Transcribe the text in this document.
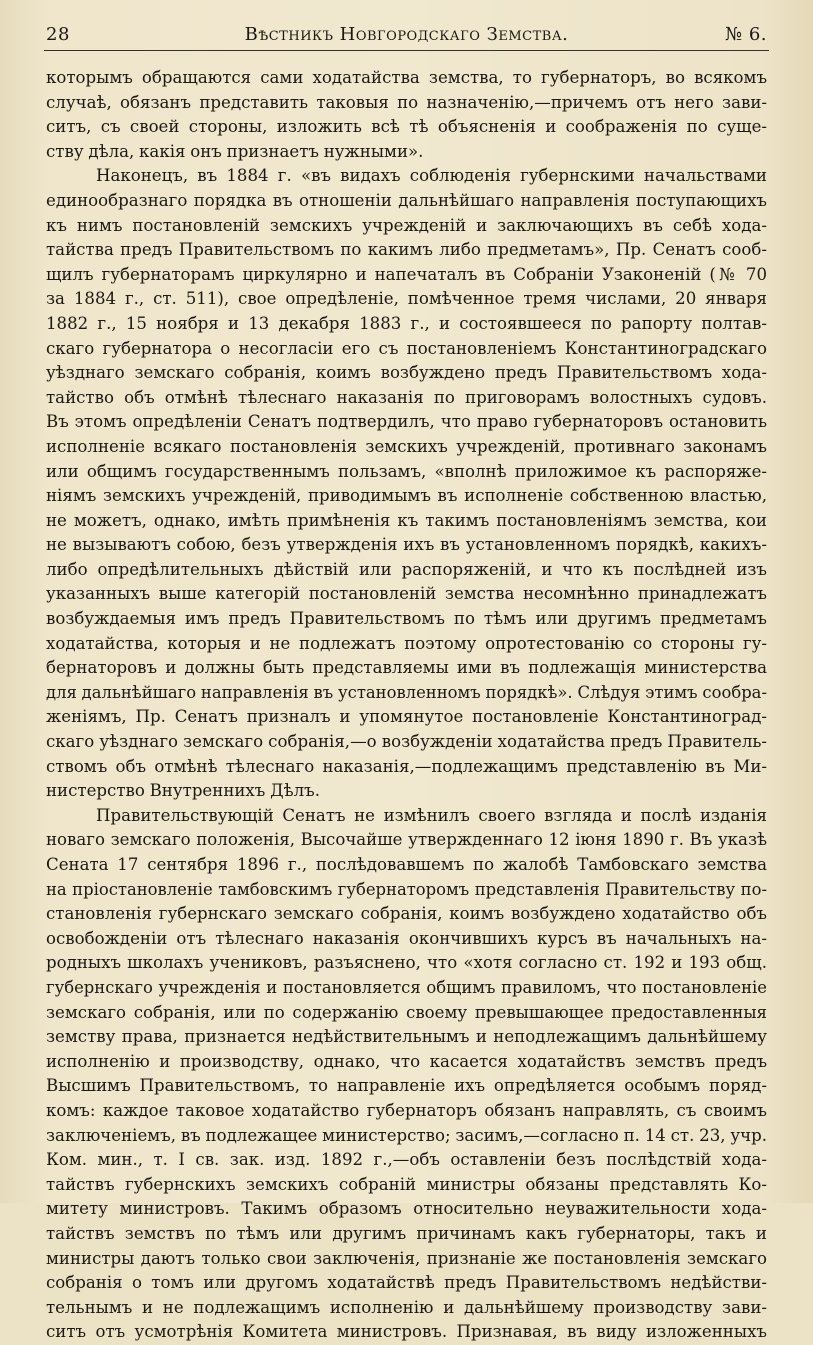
28	Вѣстникъ Новгородскаго Земства.	№ 6.
которымъ обращаются сами ходатайства земства, то губернаторъ, во всякомъ
случаѣ, обязанъ представить таковыя по назначенію,—причемъ отъ него зави-
ситъ, съ своей стороны, изложить всѣ тѣ объясненія и соображенія по суще-
ству дѣла, какія онъ признаетъ нужными».
Наконецъ, въ 1884 г. «въ видахъ соблюденія губернскими начальствами
единообразнаго порядка въ отношеніи дальнѣйшаго направленія поступающихъ
къ нимъ постановленій земскихъ учрежденій и заключающихъ въ себѣ хода-
тайства предъ Правительствомъ по какимъ либо предметамъ», Пр. Сенатъ сооб-
щилъ губернаторамъ циркулярно и напечаталъ въ Собраніи Узаконеній (№ 70
за 1884 г., ст. 511), свое опредѣленіе, помѣченное тремя числами, 20 января
1882 г., 15 ноября и 13 декабря 1883 г., и состоявшееся по рапорту полтав-
скаго губернатора о несогласіи его съ постановленіемъ Константиноградскаго
уѣзднаго земскаго собранія, коимъ возбуждено предъ Правительствомъ хода-
тайство объ отмѣнѣ тѣлеснаго наказанія по приговорамъ волостныхъ судовъ.
Въ этомъ опредѣленіи Сенатъ подтвердилъ, что право губернаторовъ остановить
исполненіе всякаго постановленія земскихъ учрежденій, противнаго законамъ
или общимъ государственнымъ пользамъ, «вполнѣ приложимое къ распоряже-
ніямъ земскихъ учрежденій, приводимымъ въ исполненіе собственною властью,
не можетъ, однако, имѣть примѣненія къ такимъ постановленіямъ земства, кои
не вызываютъ собою, безъ утвержденія ихъ въ установленномъ порядкѣ, какихъ-
либо опредѣлительныхъ дѣйствій или распоряженій, и что къ послѣдней изъ
указанныхъ выше категорій постановленій земства несомнѣнно принадлежатъ
возбуждаемыя имъ предъ Правительствомъ по тѣмъ или другимъ предметамъ
ходатайства, которыя и не подлежатъ поэтому опротестованію со стороны гу-
бернаторовъ и должны быть представляемы ими въ подлежащія министерства
для дальнѣйшаго направленія въ установленномъ порядкѣ». Слѣдуя этимъ сообра-
женіямъ, Пр. Сенатъ призналъ и упомянутое постановленіе Константиноград-
скаго уѣзднаго земскаго собранія,—о возбужденіи ходатайства предъ Правитель-
ствомъ объ отмѣнѣ тѣлеснаго наказанія,—подлежащимъ представленію въ Ми-
нистерство Внутреннихъ Дѣлъ.
Правительствующій Сенатъ не измѣнилъ своего взгляда и послѣ изданія
новаго земскаго положенія, Высочайше утвержденнаго 12 іюня 1890 г. Въ указѣ
Сената 17 сентября 1896 г., послѣдовавшемъ по жалобѣ Тамбовскаго земства
на пріостановленіе тамбовскимъ губернаторомъ представленія Правительству по-
становленія губернскаго земскаго собранія, коимъ возбуждено ходатайство объ
освобожденіи отъ тѣлеснаго наказанія окончившихъ курсъ въ начальныхъ на-
родныхъ школахъ учениковъ, разъяснено, что «хотя согласно ст. 192 и 193 общ.
губернскаго учрежденія и постановляется общимъ правиломъ, что постановленіе
земскаго собранія, или по содержанію своему превышающее предоставленныя
земству права, признается недѣйствительнымъ и неподлежащимъ дальнѣйшему
исполненію и производству, однако, что касается ходатайствъ земствъ предъ
Высшимъ Правительствомъ, то направленіе ихъ опредѣляется особымъ поряд-
комъ: каждое таковое ходатайство губернаторъ обязанъ направлять, съ своимъ
заключеніемъ, въ подлежащее министерство; засимъ,—согласно п. 14 ст. 23, учр.
Ком. мин., т. I св. зак. изд. 1892 г.,—объ оставленіи безъ послѣдствій хода-
тайствъ губернскихъ земскихъ собраній министры обязаны представлять Ко-
митету министровъ. Такимъ образомъ относительно неуважительности хода-
тайствъ земствъ по тѣмъ или другимъ причинамъ какъ губернаторы, такъ и
министры даютъ только свои заключенія, признаніе же постановленія земскаго
собранія о томъ или другомъ ходатайствѣ предъ Правительствомъ недѣйстви-
тельнымъ и не подлежащимъ исполненію и дальнѣйшему производству зави-
ситъ отъ усмотрѣнія Комитета министровъ. Признавая, въ виду изложенныхъ
